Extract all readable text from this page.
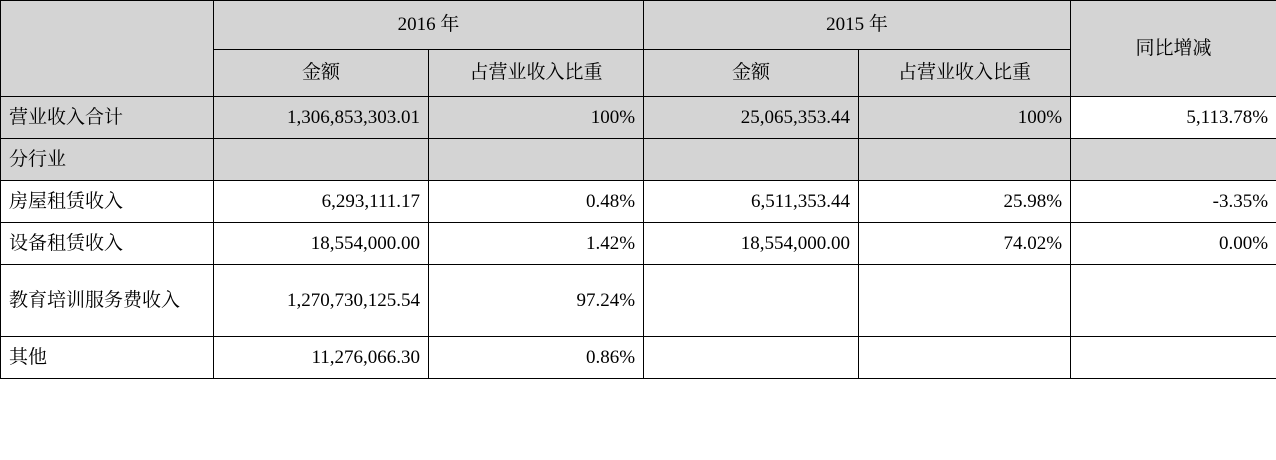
	2016 年		2015 年		同比增减
	金额	占营业收入比重	金额	占营业收入比重	
营业收入合计	1,306,853,303.01	100%	25,065,353.44	100%	5,113.78%
分行业					
房屋租赁收入	6,293,111.17	0.48%	6,511,353.44	25.98%	-3.35%
设备租赁收入	18,554,000.00	1.42%	18,554,000.00	74.02%	0.00%
教育培训服务费收入	1,270,730,125.54	97.24%			
其他	11,276,066.30	0.86%			
